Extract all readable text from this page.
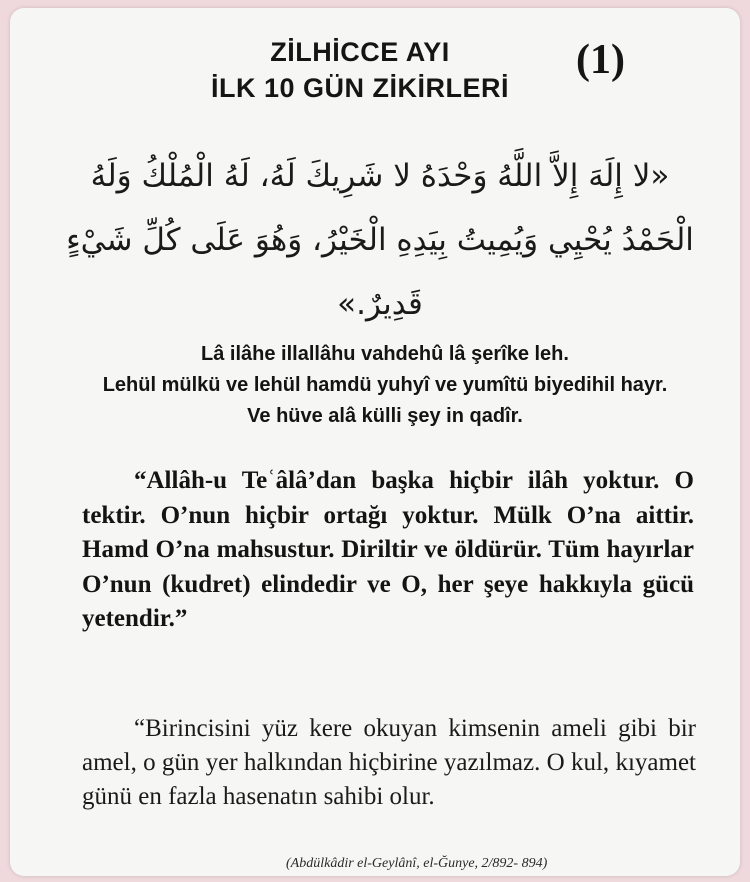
ZİLHİCCE AYI
İLK 10 GÜN ZİKİRLERİ
(1)
«لا إِلَهَ إِلاَّ اللَّهُ وَحْدَهُ لا شَرِيكَ لَهُ، لَهُ الْمُلْكُ وَلَهُ الْحَمْدُ يُحْيِي وَيُمِيتُ بِيَدِهِ الْخَيْرُ، وَهُوَ عَلَى كُلِّ شَيْءٍ قَدِيرٌ.»
Lâ ilâhe illallâhu vahdehû lâ şerîke leh.
Lehül mülkü ve lehül hamdü yuhyî ve yumîtü biyedihil hayr.
Ve hüve alâ külli şey in qadîr.
“Allâh-u Teʿâlâ’dan başka hiçbir ilâh yoktur. O tektir. O’nun hiçbir ortağı yoktur. Mülk O’na aittir. Hamd O’na mahsustur. Diriltir ve öldürür. Tüm hayırlar O’nun (kudret) elindedir ve O, her şeye hakkıyla gücü yetendir.”
“Birincisini yüz kere okuyan kimsenin ameli gibi bir amel, o gün yer halkından hiçbirine yazılmaz. O kul, kıyamet günü en fazla hasenatın sahibi olur.
(Abdülkâdir el-Geylânî, el-Ğunye, 2/892- 894)
